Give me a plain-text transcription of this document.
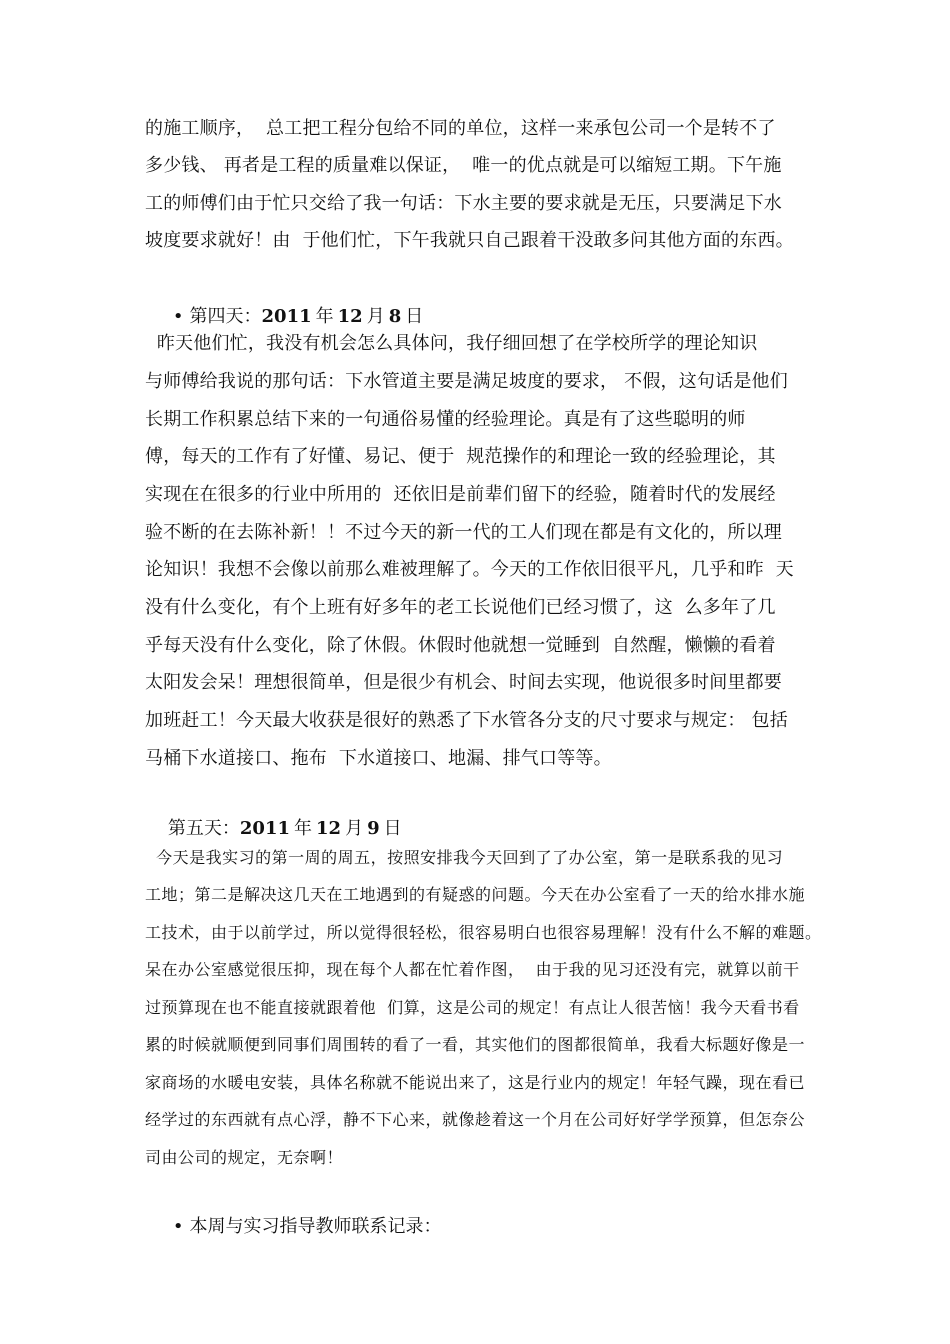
的施工顺序，  总工把工程分包给不同的单位，这样一来承包公司一个是转不了
多少钱、 再者是工程的质量难以保证，  唯一的优点就是可以缩短工期。下午施
工的师傅们由于忙只交给了我一句话：下水主要的要求就是无压，只要满足下水
坡度要求就好！由  于他们忙，下午我就只自己跟着干没敢多问其他方面的东西。

• 第四天：2011 年 12 月 8 日

昨天他们忙，我没有机会怎么具体问，我仔细回想了在学校所学的理论知识
与师傅给我说的那句话：下水管道主要是满足坡度的要求， 不假，这句话是他们
长期工作积累总结下来的一句通俗易懂的经验理论。真是有了这些聪明的师
傅，每天的工作有了好懂、易记、便于  规范操作的和理论一致的经验理论，其
实现在在很多的行业中所用的  还依旧是前辈们留下的经验，随着时代的发展经
验不断的在去陈补新！！不过今天的新一代的工人们现在都是有文化的，所以理
论知识！我想不会像以前那么难被理解了。今天的工作依旧很平凡，几乎和昨  天
没有什么变化，有个上班有好多年的老工长说他们已经习惯了，这  么多年了几
乎每天没有什么变化，除了休假。休假时他就想一觉睡到  自然醒，懒懒的看着
太阳发会呆！理想很简单，但是很少有机会、时间去实现，他说很多时间里都要
加班赶工！今天最大收获是很好的熟悉了下水管各分支的尺寸要求与规定： 包括
马桶下水道接口、拖布  下水道接口、地漏、排气口等等。

第五天：2011 年 12 月 9 日

今天是我实习的第一周的周五，按照安排我今天回到了了办公室，第一是联系我的见习
工地；第二是解决这几天在工地遇到的有疑惑的问题。今天在办公室看了一天的给水排水施
工技术，由于以前学过，所以觉得很轻松，很容易明白也很容易理解！没有什么不解的难题。
呆在办公室感觉很压抑，现在每个人都在忙着作图，  由于我的见习还没有完，就算以前干
过预算现在也不能直接就跟着他  们算，这是公司的规定！有点让人很苦恼！我今天看书看
累的时候就顺便到同事们周围转的看了一看，其实他们的图都很简单，我看大标题好像是一
家商场的水暖电安装，具体名称就不能说出来了，这是行业内的规定！年轻气躁，现在看已
经学过的东西就有点心浮，静不下心来，就像趁着这一个月在公司好好学学预算，但怎奈公
司由公司的规定，无奈啊！

• 本周与实习指导教师联系记录：
